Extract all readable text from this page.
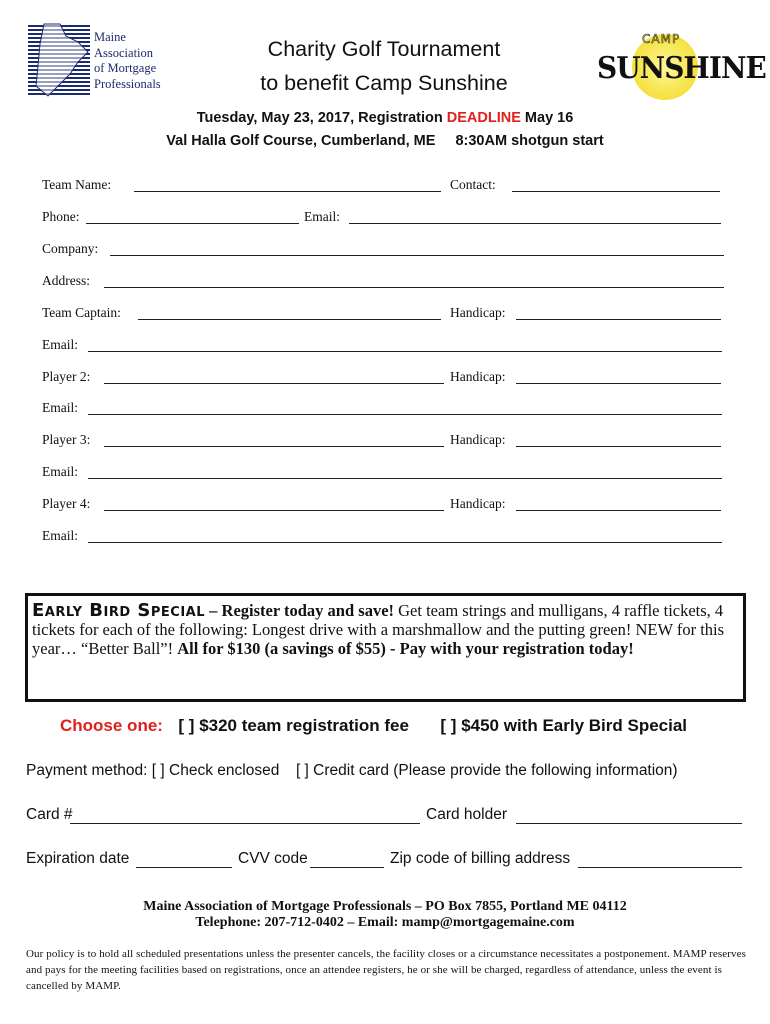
Maine
Association
of Mortgage
Professionals
Charity Golf Tournament
to benefit Camp Sunshine
CAMP
SUNSHINE
Tuesday, May 23, 2017, Registration DEADLINE May 16
Val Halla Golf Course, Cumberland, ME 8:30AM shotgun start
Team Name:	Contact:
Phone:	Email:
Company:
Address:
Team Captain:	Handicap:
Email:
Player 2:	Handicap:
Email:
Player 3:	Handicap:
Email:
Player 4:	Handicap:
Email:
Early Bird Special – Register today and save! Get team strings and mulligans, 4 raffle tickets, 4 tickets for each of the following: Longest drive with a marshmallow and the putting green! NEW for this year… “Better Ball”! All for $130 (a savings of $55) - Pay with your registration today!
Choose one: [ ] $320 team registration fee [ ] $450 with Early Bird Special
Payment method: [ ] Check enclosed [ ] Credit card (Please provide the following information)
Card #	Card holder
Expiration date	CVV code	Zip code of billing address
Maine Association of Mortgage Professionals – PO Box 7855, Portland ME 04112
Telephone: 207-712-0402 – Email: mamp@mortgagemaine.com
Our policy is to hold all scheduled presentations unless the presenter cancels, the facility closes or a circumstance necessitates a postponement. MAMP reserves and pays for the meeting facilities based on registrations, once an attendee registers, he or she will be charged, regardless of attendance, unless the event is cancelled by MAMP.
